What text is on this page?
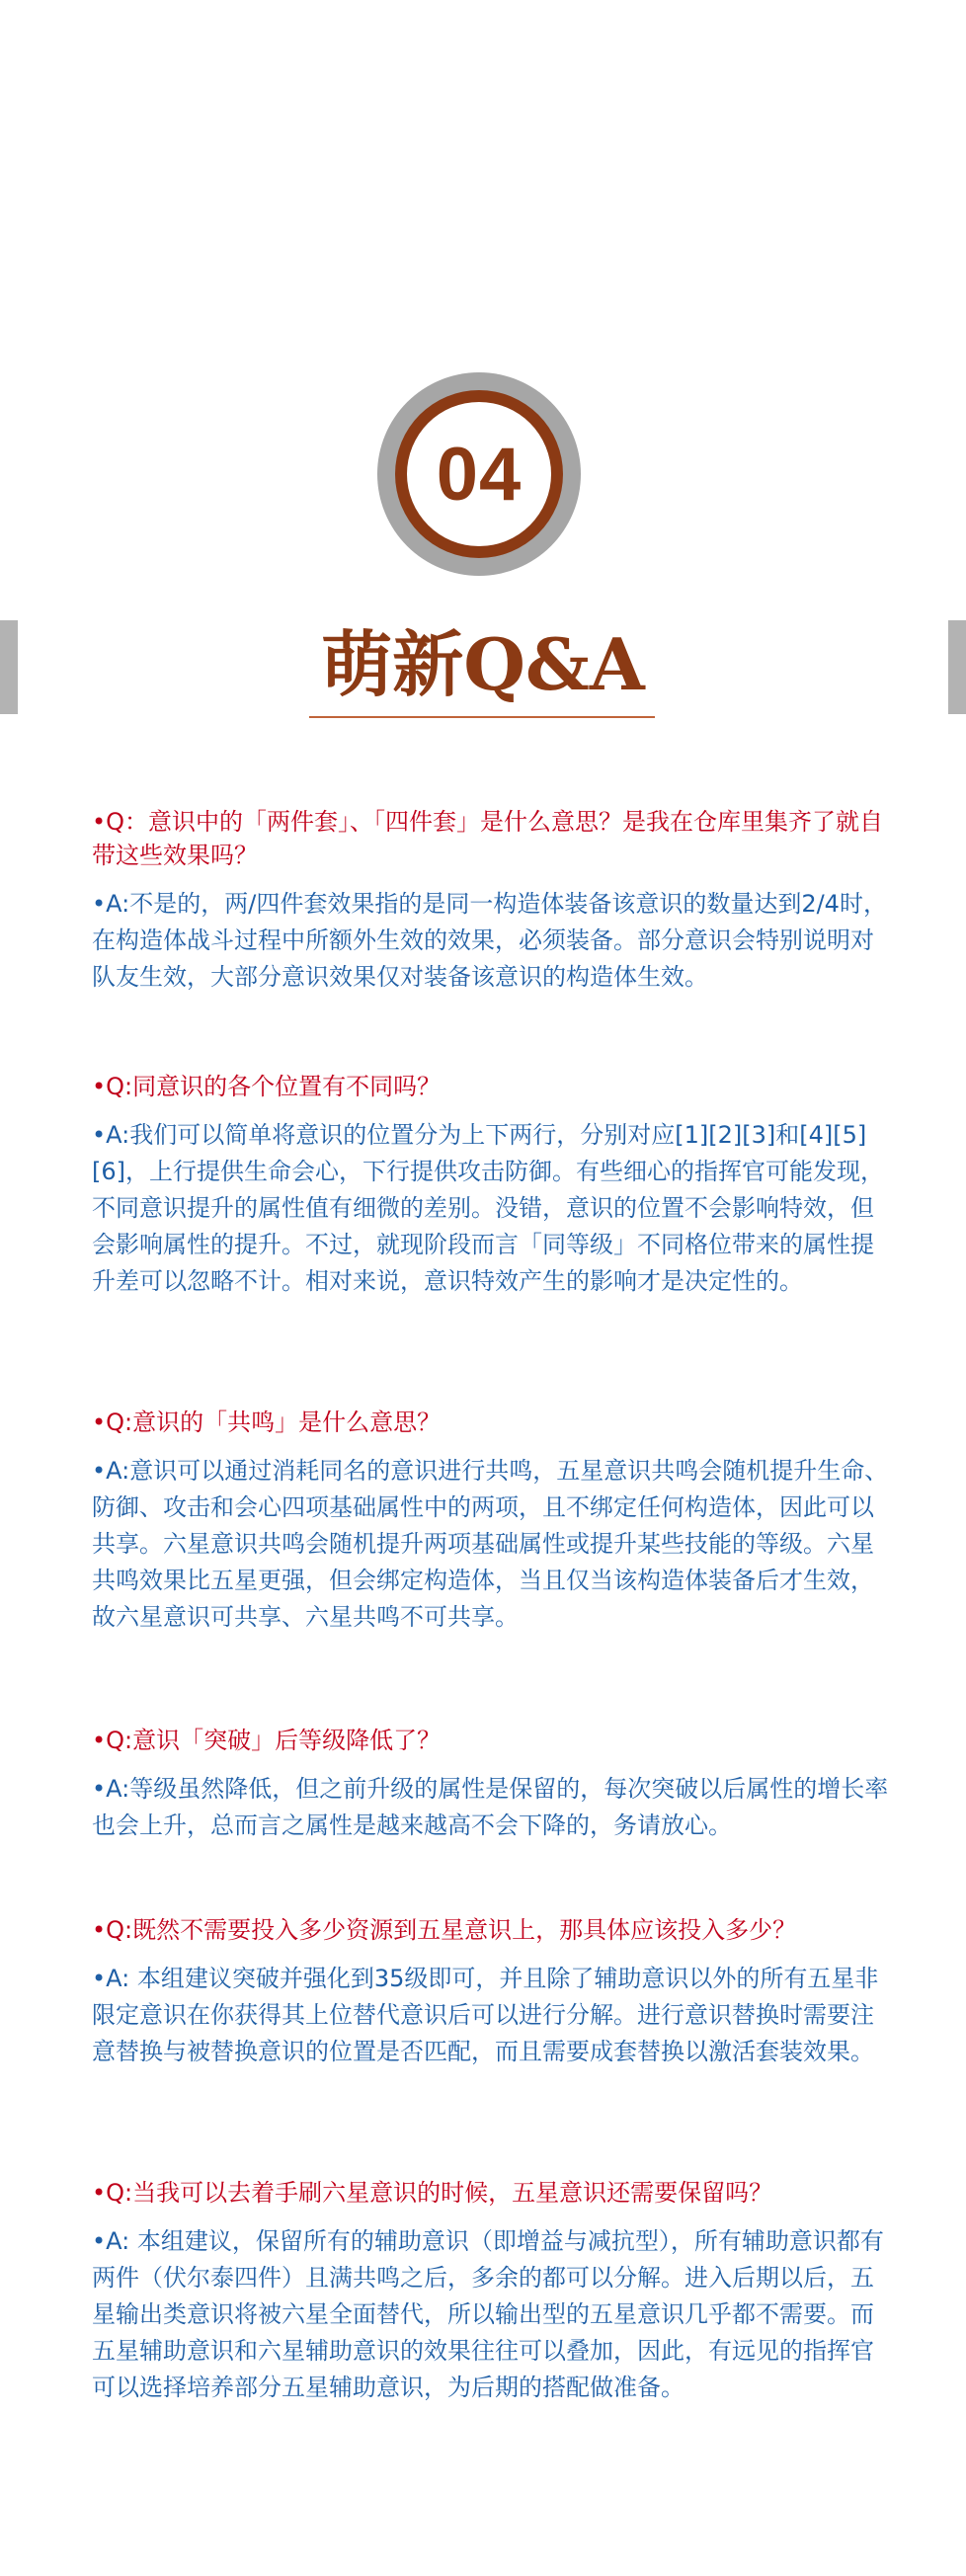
04
萌新Q&A

•Q：意识中的「两件套」、「四件套」是什么意思？是我在仓库里集齐了就自带这些效果吗？

•A:不是的，两/四件套效果指的是同一构造体装备该意识的数量达到2/4时，在构造体战斗过程中所额外生效的效果，必须装备。部分意识会特别说明对队友生效，大部分意识效果仅对装备该意识的构造体生效。

•Q:同意识的各个位置有不同吗？

•A:我们可以简单将意识的位置分为上下两行，分别对应[1][2][3]和[4][5][6]，上行提供生命会心，下行提供攻击防御。有些细心的指挥官可能发现，不同意识提升的属性值有细微的差别。没错，意识的位置不会影响特效，但会影响属性的提升。不过，就现阶段而言「同等级」不同格位带来的属性提升差可以忽略不计。相对来说，意识特效产生的影响才是决定性的。

•Q:意识的「共鸣」是什么意思？

•A:意识可以通过消耗同名的意识进行共鸣，五星意识共鸣会随机提升生命、防御、攻击和会心四项基础属性中的两项，且不绑定任何构造体，因此可以共享。六星意识共鸣会随机提升两项基础属性或提升某些技能的等级。六星共鸣效果比五星更强，但会绑定构造体，当且仅当该构造体装备后才生效，故六星意识可共享、六星共鸣不可共享。

•Q:意识「突破」后等级降低了？

•A:等级虽然降低，但之前升级的属性是保留的，每次突破以后属性的增长率也会上升，总而言之属性是越来越高不会下降的，务请放心。

•Q:既然不需要投入多少资源到五星意识上，那具体应该投入多少？

•A: 本组建议突破并强化到35级即可，并且除了辅助意识以外的所有五星非限定意识在你获得其上位替代意识后可以进行分解。进行意识替换时需要注意替换与被替换意识的位置是否匹配，而且需要成套替换以激活套装效果。

•Q:当我可以去着手刷六星意识的时候，五星意识还需要保留吗？

•A: 本组建议，保留所有的辅助意识（即增益与减抗型），所有辅助意识都有两件（伏尔泰四件）且满共鸣之后，多余的都可以分解。进入后期以后，五星输出类意识将被六星全面替代，所以输出型的五星意识几乎都不需要。而五星辅助意识和六星辅助意识的效果往往可以叠加，因此，有远见的指挥官可以选择培养部分五星辅助意识，为后期的搭配做准备。
